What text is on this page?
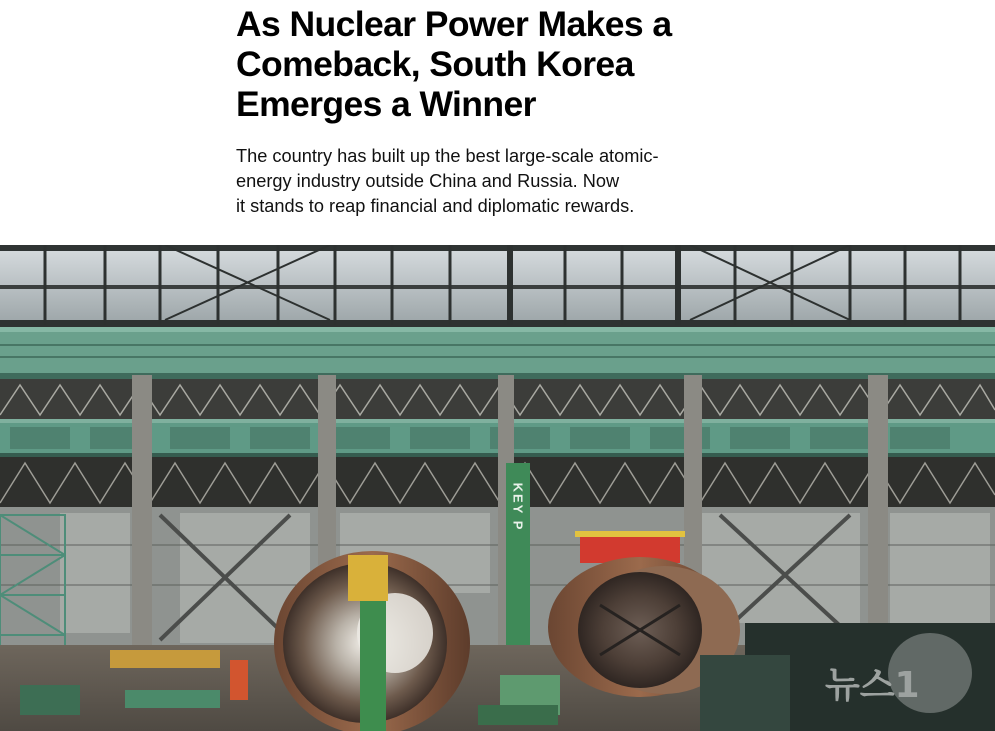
As Nuclear Power Makes a
Comeback, South Korea
Emerges a Winner

The country has built up the best large-scale atomic-
energy industry outside China and Russia. Now
it stands to reap financial and diplomatic rewards.

KEY P
뉴스1
